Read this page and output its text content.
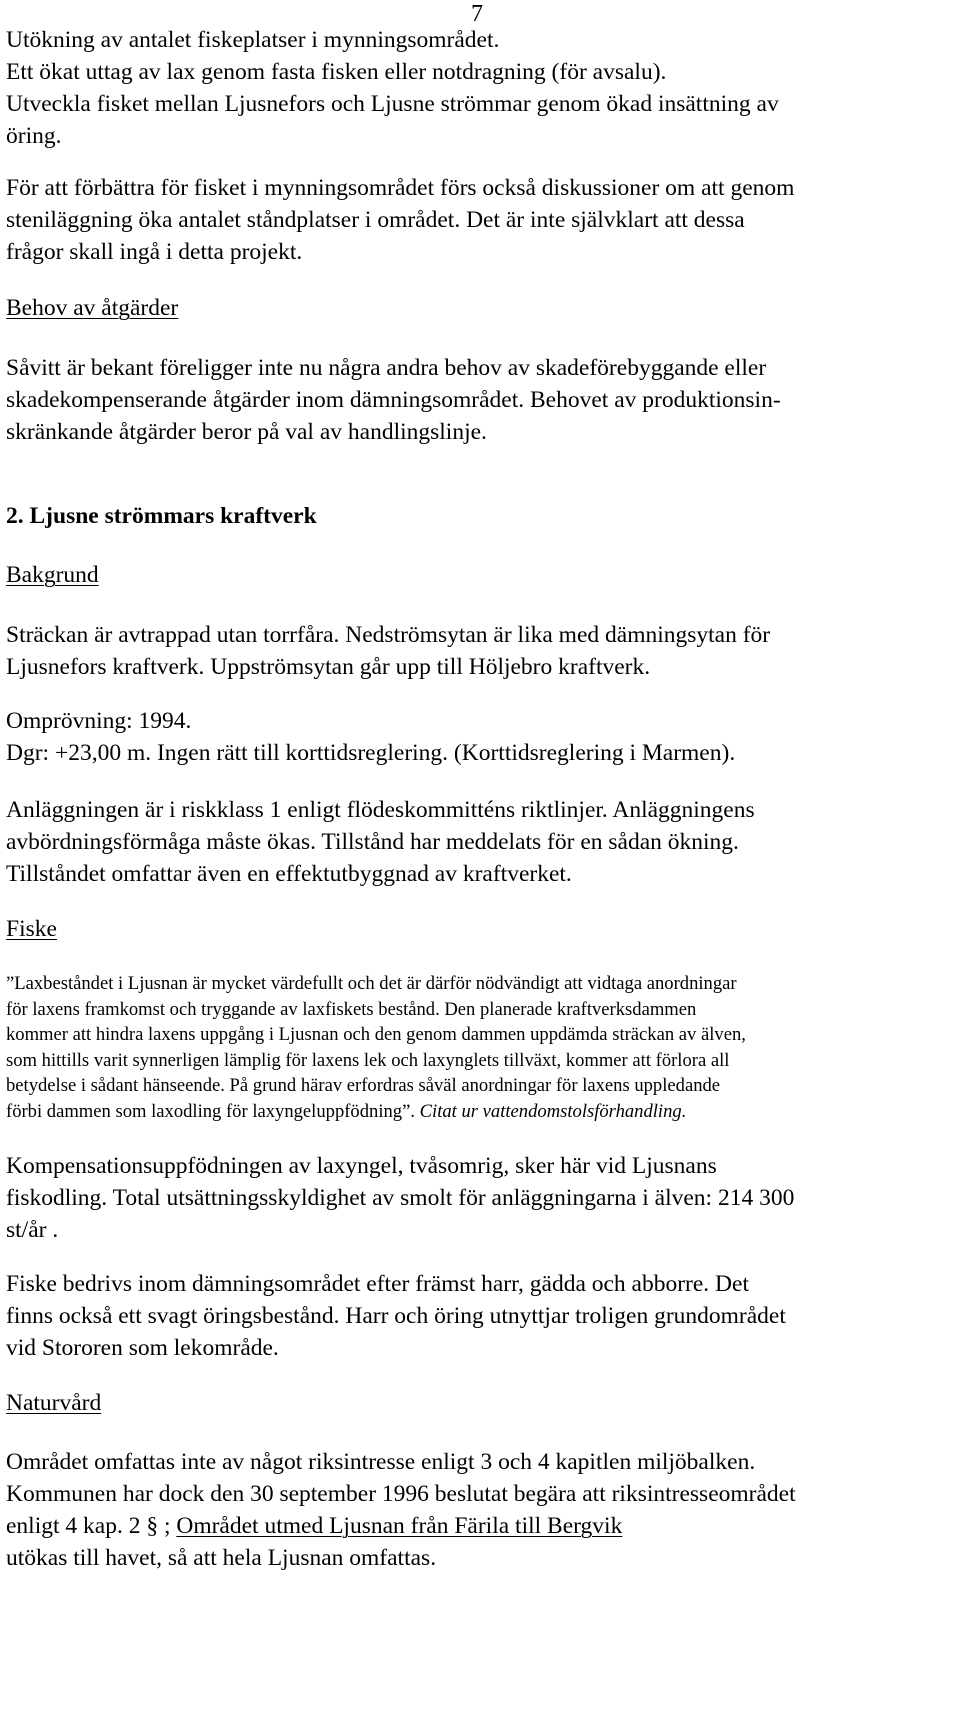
7

Utökning av antalet fiskeplatser i mynningsområdet.
Ett ökat uttag av lax genom fasta fisken eller notdragning (för avsalu).
Utveckla fisket mellan Ljusnefors och Ljusne strömmar genom ökad insättning av
öring.

För att förbättra för fisket i mynningsområdet förs också diskussioner om att genom
steniläggning öka antalet ståndplatser i området. Det är inte självklart att dessa
frågor skall ingå i detta projekt.

Behov av åtgärder

Såvitt är bekant föreligger inte nu några andra behov av skadeförebyggande eller
skadekompenserande åtgärder inom dämningsområdet. Behovet av produktionsin-
skränkande åtgärder beror på val av handlingslinje.

2. Ljusne strömmars kraftverk

Bakgrund

Sträckan är avtrappad utan torrfåra. Nedströmsytan är lika med dämningsytan för
Ljusnefors kraftverk. Uppströmsytan går upp till Höljebro kraftverk.

Omprövning: 1994.
Dgr: +23,00 m. Ingen rätt till korttidsreglering. (Korttidsreglering i Marmen).

Anläggningen är i riskklass 1 enligt flödeskommitténs riktlinjer. Anläggningens
avbördningsförmåga måste ökas. Tillstånd har meddelats för en sådan ökning.
Tillståndet omfattar även en effektutbyggnad av kraftverket.

Fiske

”Laxbeståndet i Ljusnan är mycket värdefullt och det är därför nödvändigt att vidtaga anordningar
för laxens framkomst och tryggande av laxfiskets bestånd. Den planerade kraftverksdammen
kommer att hindra laxens uppgång i Ljusnan och den genom dammen uppdämda sträckan av älven,
som hittills varit synnerligen lämplig för laxens lek och laxynglets tillväxt, kommer att förlora all
betydelse i sådant hänseende. På grund härav erfordras såväl anordningar för laxens uppledande
förbi dammen som laxodling för laxyngeluppfödning”. Citat ur vattendomstolsförhandling.

Kompensationsuppfödningen av laxyngel, tvåsomrig, sker här vid Ljusnans
fiskodling. Total utsättningsskyldighet av smolt för anläggningarna i älven: 214 300
st/år .

Fiske bedrivs inom dämningsområdet efter främst harr, gädda och abborre. Det
finns också ett svagt öringsbestånd. Harr och öring utnyttjar troligen grundområdet
vid Stororen som lekområde.

Naturvård

Området omfattas inte av något riksintresse enligt 3 och 4 kapitlen miljöbalken.
Kommunen har dock den 30 september 1996 beslutat begära att riksintresseområdet
enligt 4 kap. 2 § ; Området utmed Ljusnan från Färila till Bergvik
utökas till havet, så att hela Ljusnan omfattas.
